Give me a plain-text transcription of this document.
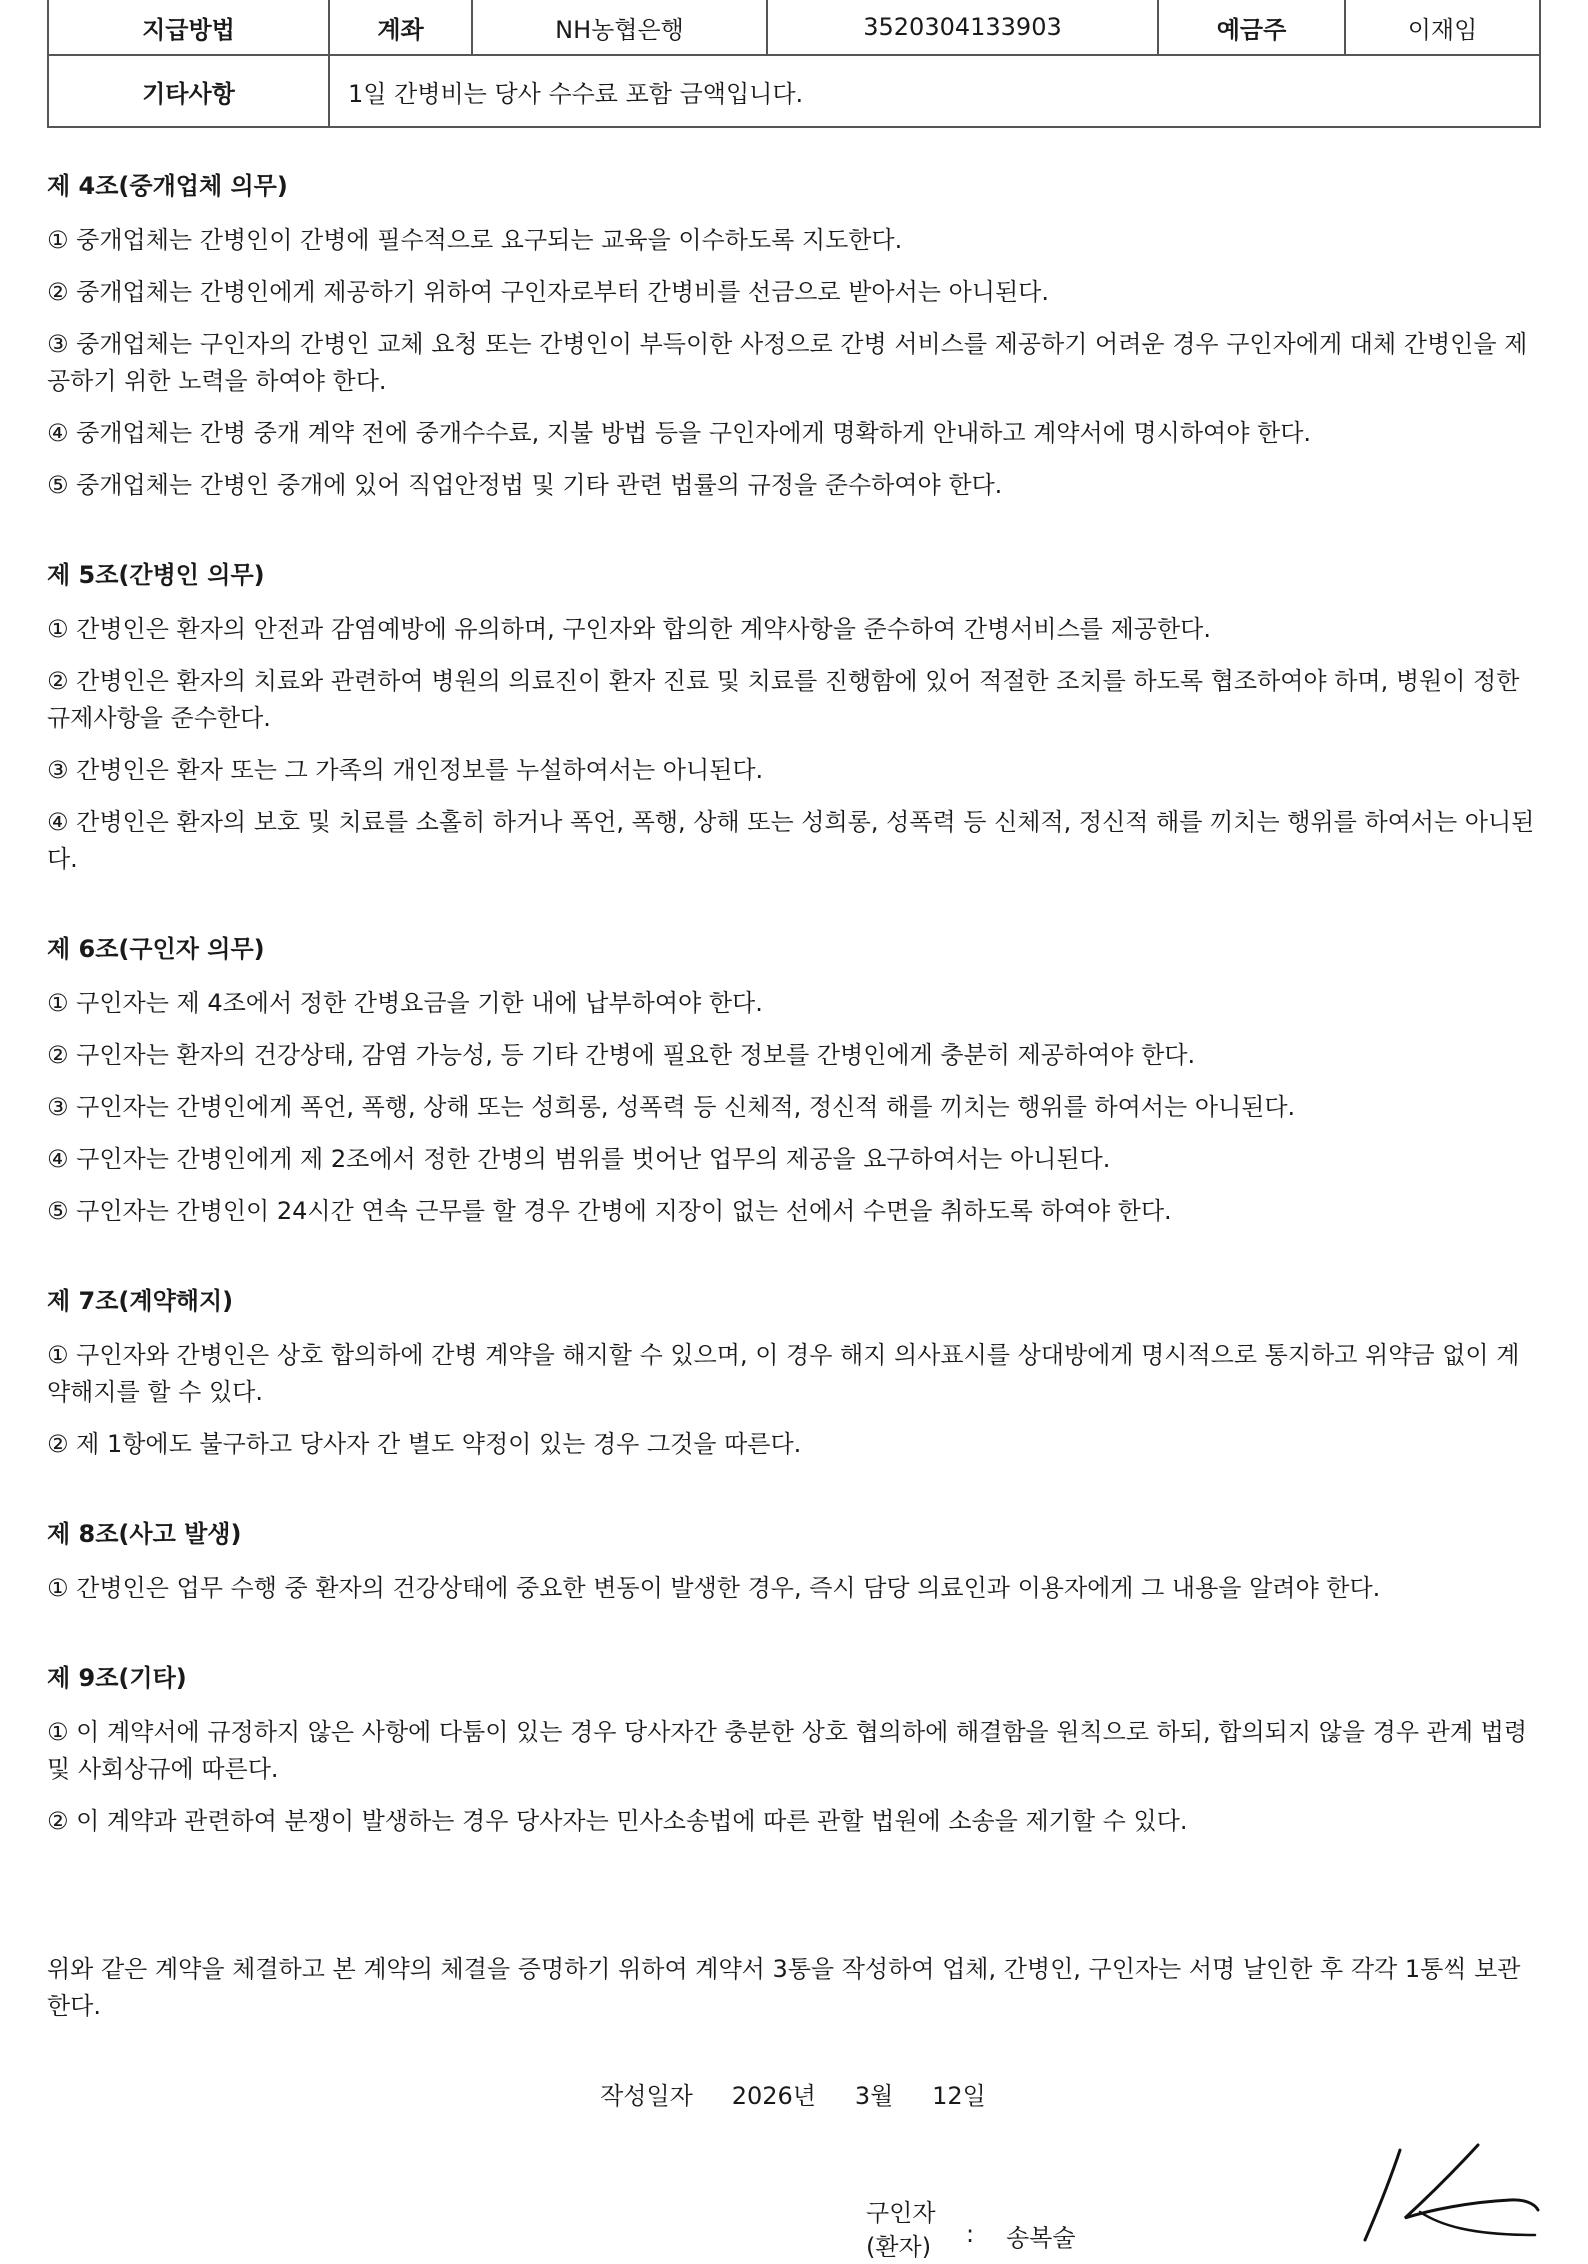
지급방법	계좌	NH농협은행	3520304133903	예금주	이재임
기타사항	1일 간병비는 당사 수수료 포함 금액입니다.				
제 4조(중개업체 의무)

① 중개업체는 간병인이 간병에 필수적으로 요구되는 교육을 이수하도록 지도한다.

② 중개업체는 간병인에게 제공하기 위하여 구인자로부터 간병비를 선금으로 받아서는 아니된다.

③ 중개업체는 구인자의 간병인 교체 요청 또는 간병인이 부득이한 사정으로 간병 서비스를 제공하기 어려운 경우 구인자에게 대체 간병인을 제공하기 위한 노력을 하여야 한다.

④ 중개업체는 간병 중개 계약 전에 중개수수료, 지불 방법 등을 구인자에게 명확하게 안내하고 계약서에 명시하여야 한다.

⑤ 중개업체는 간병인 중개에 있어 직업안정법 및 기타 관련 법률의 규정을 준수하여야 한다.

제 5조(간병인 의무)

① 간병인은 환자의 안전과 감염예방에 유의하며, 구인자와 합의한 계약사항을 준수하여 간병서비스를 제공한다.

② 간병인은 환자의 치료와 관련하여 병원의 의료진이 환자 진료 및 치료를 진행함에 있어 적절한 조치를 하도록 협조하여야 하며, 병원이 정한 규제사항을 준수한다.

③ 간병인은 환자 또는 그 가족의 개인정보를 누설하여서는 아니된다.

④ 간병인은 환자의 보호 및 치료를 소홀히 하거나 폭언, 폭행, 상해 또는 성희롱, 성폭력 등 신체적, 정신적 해를 끼치는 행위를 하여서는 아니된다.

제 6조(구인자 의무)

① 구인자는 제 4조에서 정한 간병요금을 기한 내에 납부하여야 한다.

② 구인자는 환자의 건강상태, 감염 가능성, 등 기타 간병에 필요한 정보를 간병인에게 충분히 제공하여야 한다.

③ 구인자는 간병인에게 폭언, 폭행, 상해 또는 성희롱, 성폭력 등 신체적, 정신적 해를 끼치는 행위를 하여서는 아니된다.

④ 구인자는 간병인에게 제 2조에서 정한 간병의 범위를 벗어난 업무의 제공을 요구하여서는 아니된다.

⑤ 구인자는 간병인이 24시간 연속 근무를 할 경우 간병에 지장이 없는 선에서 수면을 취하도록 하여야 한다.

제 7조(계약해지)

① 구인자와 간병인은 상호 합의하에 간병 계약을 해지할 수 있으며, 이 경우 해지 의사표시를 상대방에게 명시적으로 통지하고 위약금 없이 계약해지를 할 수 있다.

② 제 1항에도 불구하고 당사자 간 별도 약정이 있는 경우 그것을 따른다.

제 8조(사고 발생)

① 간병인은 업무 수행 중 환자의 건강상태에 중요한 변동이 발생한 경우, 즉시 담당 의료인과 이용자에게 그 내용을 알려야 한다.

제 9조(기타)

① 이 계약서에 규정하지 않은 사항에 다툼이 있는 경우 당사자간 충분한 상호 협의하에 해결함을 원칙으로 하되, 합의되지 않을 경우 관계 법령 및 사회상규에 따른다.

② 이 계약과 관련하여 분쟁이 발생하는 경우 당사자는 민사소송법에 따른 관할 법원에 소송을 제기할 수 있다.

위와 같은 계약을 체결하고 본 계약의 체결을 증명하기 위하여 계약서 3통을 작성하여 업체, 간병인, 구인자는 서명 날인한 후 각각 1통씩 보관한다.

작성일자 2026년 3월 12일
구인자
(환자) : 송복술
